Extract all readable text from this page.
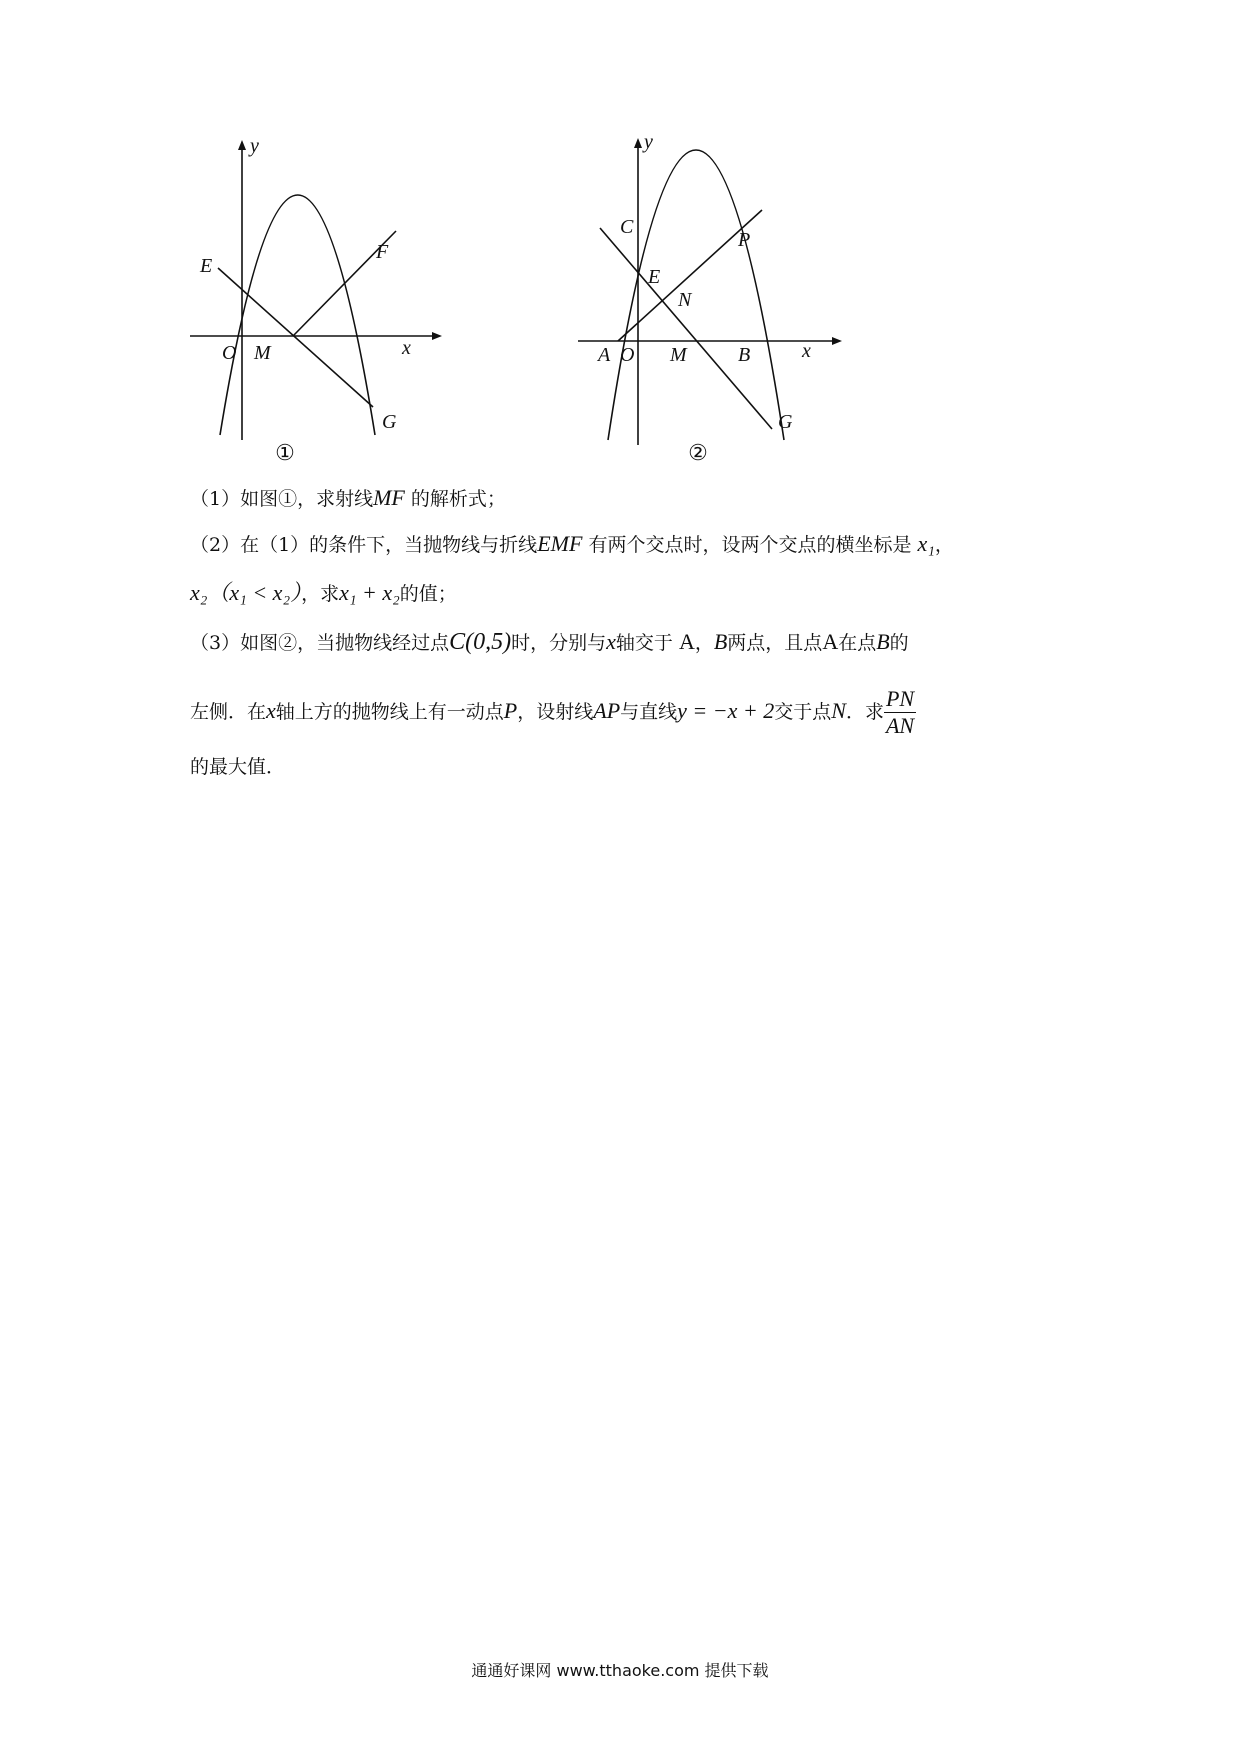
y
x
O M
E
F
G
①
y
x
A O M	B
C
E
N
P
G
②
（1）如图①，求射线MF 的解析式；
（2）在（1）的条件下，当抛物线与折线EMF 有两个交点时，设两个交点的横坐标是 x₁，
x₂（x₁ < x₂），求x₁ + x₂的值；
（3）如图②，当抛物线经过点C(0,5)时，分别与x轴交于 A，B两点，且点A在点B的
左侧．在x轴上方的抛物线上有一动点P，设射线AP与直线y = −x + 2交于点N．求 $\frac{PN}{AN}$
的最大值．
通通好课网 www.tthaoke.com 提供下载
